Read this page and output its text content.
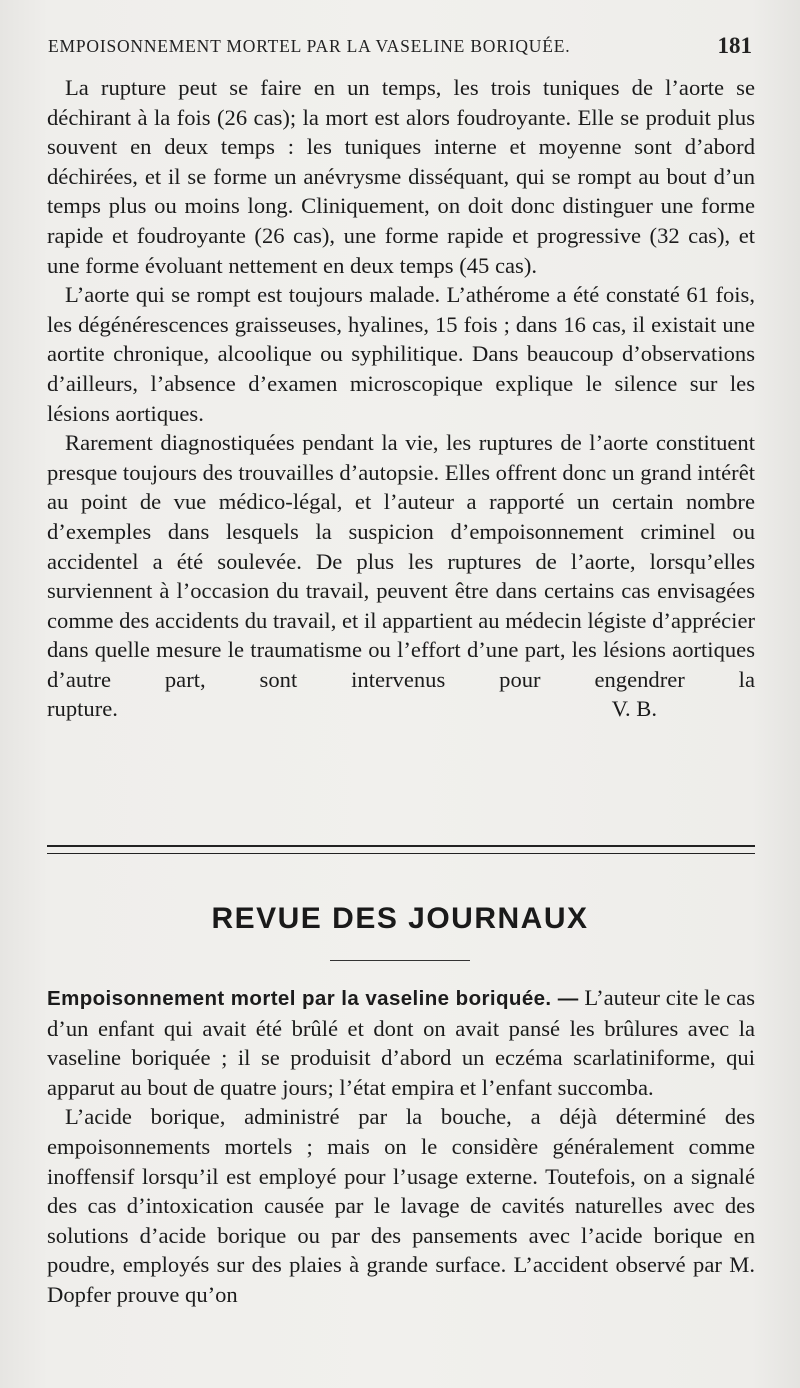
EMPOISONNEMENT MORTEL PAR LA VASELINE BORIQUÉE.	181

La rupture peut se faire en un temps, les trois tuniques de l’aorte se déchirant à la fois (26 cas); la mort est alors foudroyante. Elle se produit plus souvent en deux temps : les tuniques interne et moyenne sont d’abord déchirées, et il se forme un anévrysme disséquant, qui se rompt au bout d’un temps plus ou moins long. Cliniquement, on doit donc distinguer une forme rapide et foudroyante (26 cas), une forme rapide et progressive (32 cas), et une forme évoluant nettement en deux temps (45 cas).

L’aorte qui se rompt est toujours malade. L’athérome a été constaté 61 fois, les dégénérescences graisseuses, hyalines, 15 fois ; dans 16 cas, il existait une aortite chronique, alcoolique ou syphilitique. Dans beaucoup d’observations d’ailleurs, l’absence d’examen microscopique explique le silence sur les lésions aortiques.

Rarement diagnostiquées pendant la vie, les ruptures de l’aorte constituent presque toujours des trouvailles d’autopsie. Elles offrent donc un grand intérêt au point de vue médico-légal, et l’auteur a rapporté un certain nombre d’exemples dans lesquels la suspicion d’empoisonnement criminel ou accidentel a été soulevée. De plus les ruptures de l’aorte, lorsqu’elles surviennent à l’occasion du travail, peuvent être dans certains cas envisagées comme des accidents du travail, et il appartient au médecin légiste d’apprécier dans quelle mesure le traumatisme ou l’effort d’une part, les lésions aortiques d’autre part, sont intervenus pour engendrer la

rupture.	V. B.
REVUE DES JOURNAUX

Empoisonnement mortel par la vaseline boriquée. — L’auteur cite le cas d’un enfant qui avait été brûlé et dont on avait pansé les brûlures avec la vaseline boriquée ; il se produisit d’abord un eczéma scarlatiniforme, qui apparut au bout de quatre jours; l’état empira et l’enfant succomba.

L’acide borique, administré par la bouche, a déjà déterminé des empoisonnements mortels ; mais on le considère généralement comme inoffensif lorsqu’il est employé pour l’usage externe. Toutefois, on a signalé des cas d’intoxication causée par le lavage de cavités naturelles avec des solutions d’acide borique ou par des pansements avec l’acide borique en poudre, employés sur des plaies à grande surface. L’accident observé par M. Dopfer prouve qu’on
